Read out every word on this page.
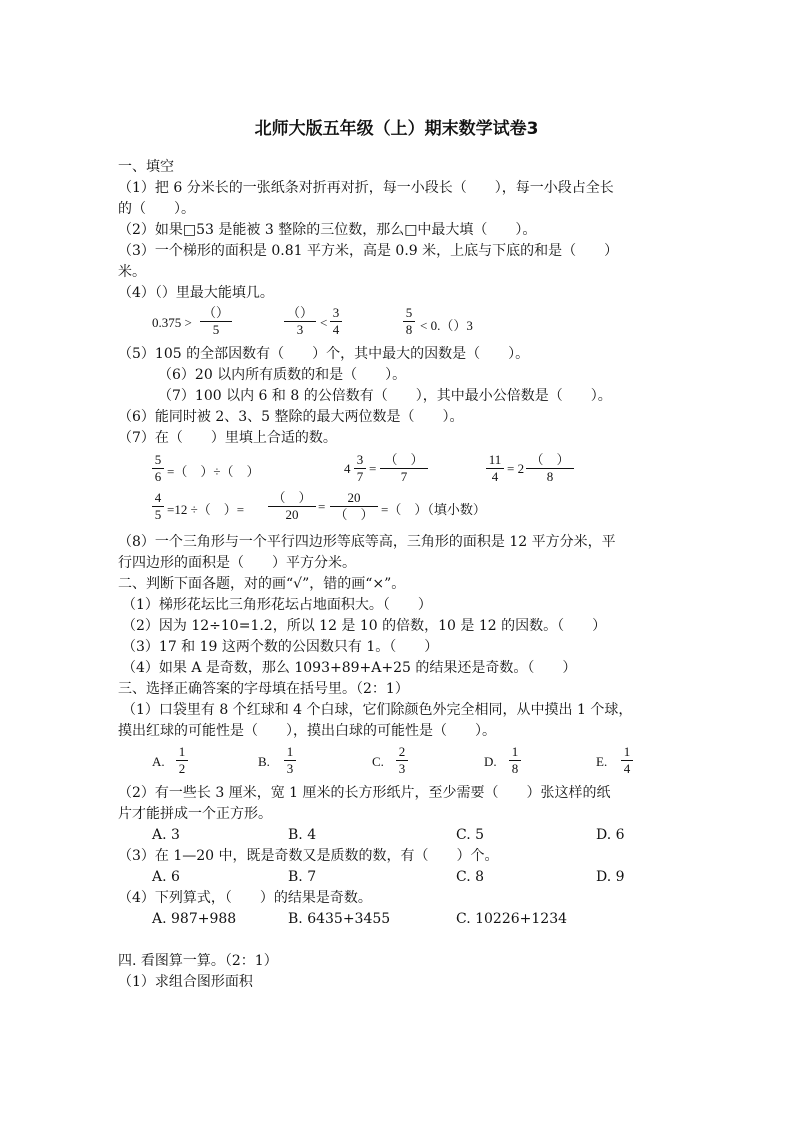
北师大版五年级（上）期末数学试卷3
一、填空
（1）把 6 分米长的一张纸条对折再对折，每一小段长（　　），每一小段占全长
的（　　）。
（2）如果□53 是能被 3 整除的三位数，那么□中最大填（　　）。
（3）一个梯形的面积是 0.81 平方米，高是 0.9 米，上底与下底的和是（　　）
米。
（4）（）里最大能填几。
0.375 >
（）
5
（）
3	<
3
4
5
8 < 0.（）3
（5）105 的全部因数有（　　）个，其中最大的因数是（　　）。
（6）20 以内所有质数的和是（　　）。
（7）100 以内 6 和 8 的公倍数有（　　），其中最小公倍数是（　　）。
（6）能同时被 2、3、5 整除的最大两位数是（　　）。
（7）在（　　）里填上合适的数。
5
6 =（　）÷（　）	4
3
7
=
（　）
7
11
4
= 2
（　）
8
4
5 =12 ÷（　）=
（　）
20
=
20
（　） =（　）（填小数）
（8）一个三角形与一个平行四边形等底等高，三角形的面积是 12 平方分米，平
行四边形的面积是（　　）平方分米。
二、判断下面各题，对的画“√”，错的画“×”。
（1）梯形花坛比三角形花坛占地面积大。（　　）
（2）因为 12÷10=1.2，所以 12 是 10 的倍数，10 是 12 的因数。（　　）
（3）17 和 19 这两个数的公因数只有 1。（　　）
（4）如果 A 是奇数，那么 1093+89+A+25 的结果还是奇数。（　　）
三、选择正确答案的字母填在括号里。（2：1）
（1）口袋里有 8 个红球和 4 个白球，它们除颜色外完全相同，从中摸出 1 个球，
摸出红球的可能性是（　　），摸出白球的可能性是（　　）。
A.
1
2	B.
1
3	C.
2
3	D.
1
8	E.
1
4
（2）有一些长 3 厘米，宽 1 厘米的长方形纸片，至少需要（　　）张这样的纸
片才能拼成一个正方形。
A. 3	B. 4	C. 5	D. 6
（3）在 1—20 中，既是奇数又是质数的数，有（　　）个。
A. 6	B. 7	C. 8	D. 9
（4）下列算式，（　　）的结果是奇数。
A. 987+988	B. 6435+3455	C. 10226+1234
四. 看图算一算。（2：1）
（1）求组合图形面积
